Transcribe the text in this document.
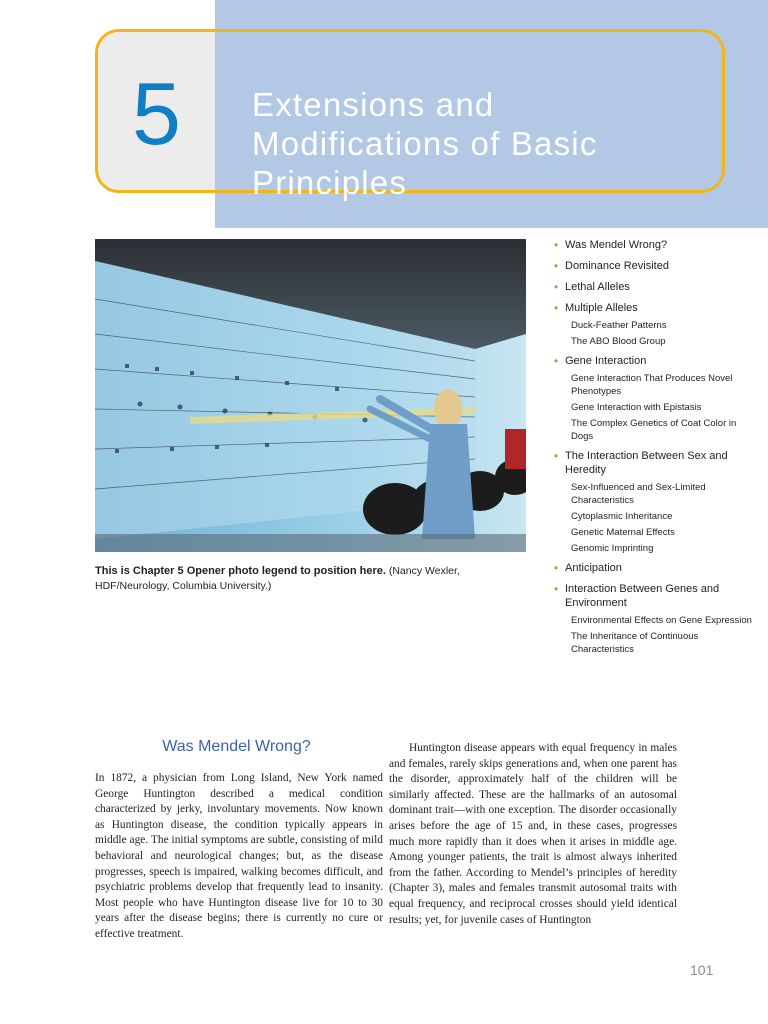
5	Extensions and Modifications of Basic Principles
This is Chapter 5 Opener photo legend to position here. (Nancy Wexler, HDF/Neurology, Columbia University.)
• Was Mendel Wrong?
• Dominance Revisited
• Lethal Alleles
• Multiple Alleles
Duck-Feather Patterns
The ABO Blood Group
• Gene Interaction
Gene Interaction That Produces Novel Phenotypes
Gene Interaction with Epistasis
The Complex Genetics of Coat Color in Dogs
• The Interaction Between Sex and Heredity
Sex-Influenced and Sex-Limited Characteristics
Cytoplasmic Inheritance
Genetic Maternal Effects
Genomic Imprinting
• Anticipation
• Interaction Between Genes and Environment
Environmental Effects on Gene Expression
The Inheritance of Continuous Characteristics
Was Mendel Wrong?

In 1872, a physician from Long Island, New York named George Huntington described a medical condition characterized by jerky, involuntary movements. Now known as Huntington disease, the condition typically appears in middle age. The initial symptoms are subtle, consisting of mild behavioral and neurological changes; but, as the disease progresses, speech is impaired, walking becomes difficult, and psychiatric problems develop that frequently lead to insanity. Most people who have Huntington disease live for 10 to 30 years after the disease begins; there is currently no cure or effective treatment.

Huntington disease appears with equal frequency in males and females, rarely skips generations and, when one parent has the disorder, approximately half of the children will be similarly affected. These are the hallmarks of an autosomal dominant trait—with one exception. The disorder occasionally arises before the age of 15 and, in these cases, progresses much more rapidly than it does when it arises in middle age. Among younger patients, the trait is almost always inherited from the father. According to Mendel’s principles of heredity (Chapter 3), males and females transmit autosomal traits with equal frequency, and reciprocal crosses should yield identical results; yet, for juvenile cases of Huntington

101
